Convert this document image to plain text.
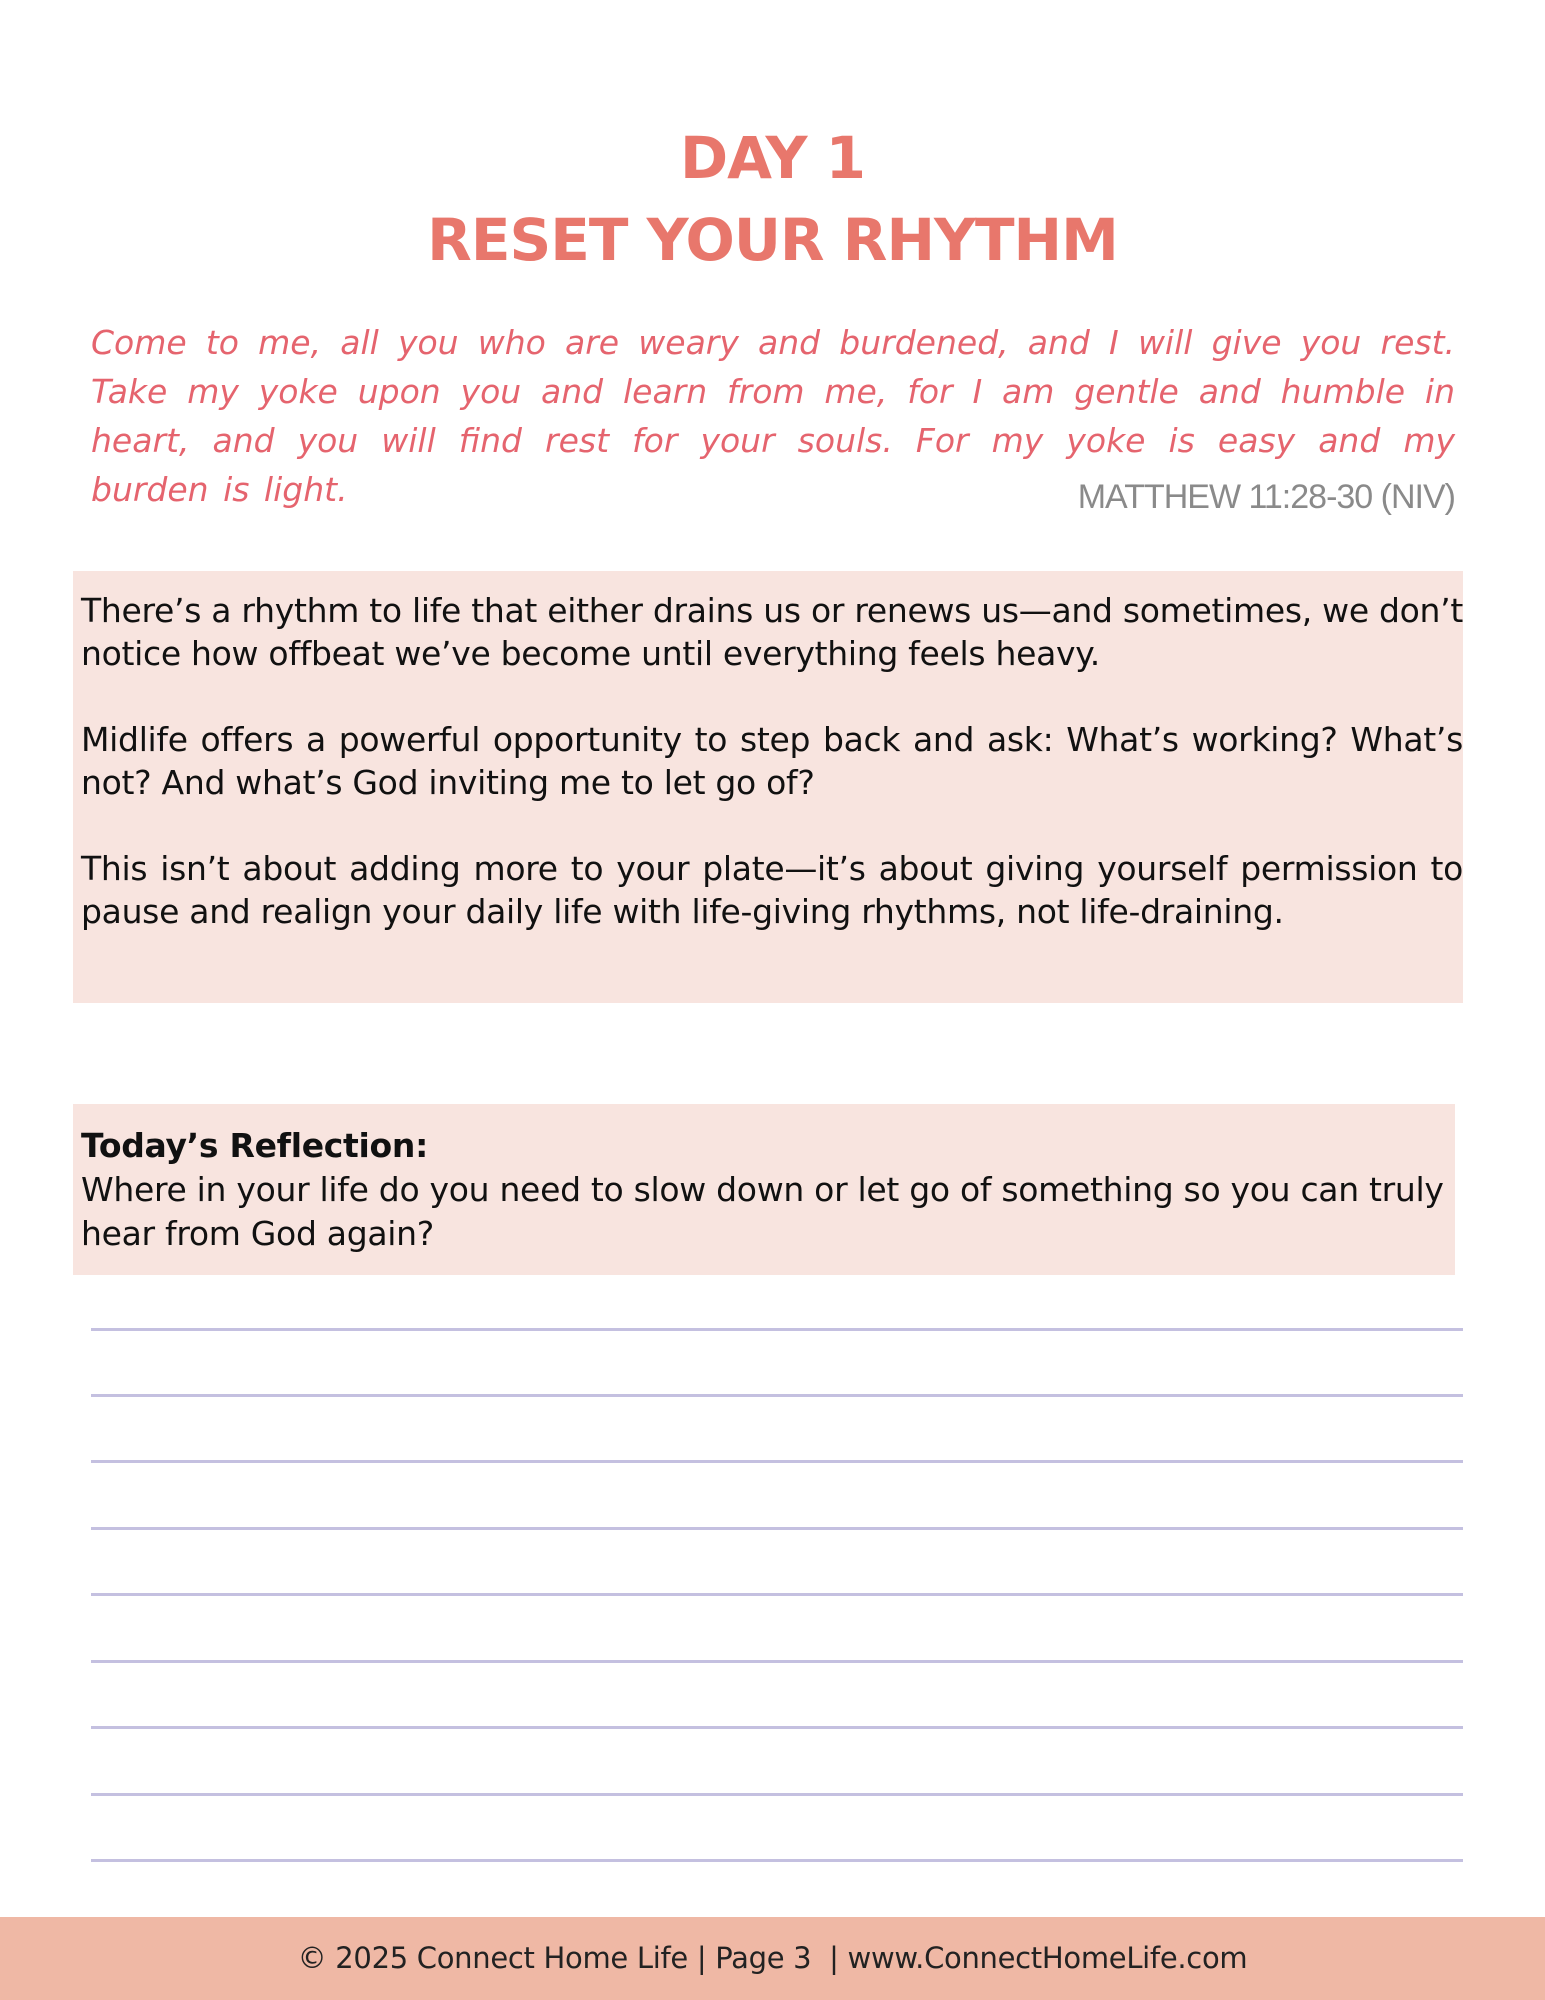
DAY 1
RESET YOUR RHYTHM
Come to me, all you who are weary and burdened, and I will give you rest. Take my yoke upon you and learn from me, for I am gentle and humble in heart, and you will find rest for your souls. For my yoke is easy and my burden is light.	MATTHEW 11:28-30 (NIV)

There’s a rhythm to life that either drains us or renews us—and sometimes, we don’t notice how offbeat we’ve become until everything feels heavy.

Midlife offers a powerful opportunity to step back and ask: What’s working? What’s not? And what’s God inviting me to let go of?

This isn’t about adding more to your plate—it’s about giving yourself permission to pause and realign your daily life with life-giving rhythms, not life-draining.

Today’s Reflection:
Where in your life do you need to slow down or let go of something so you can truly hear from God again?
© 2025 Connect Home Life | Page 3  | www.ConnectHomeLife.com
